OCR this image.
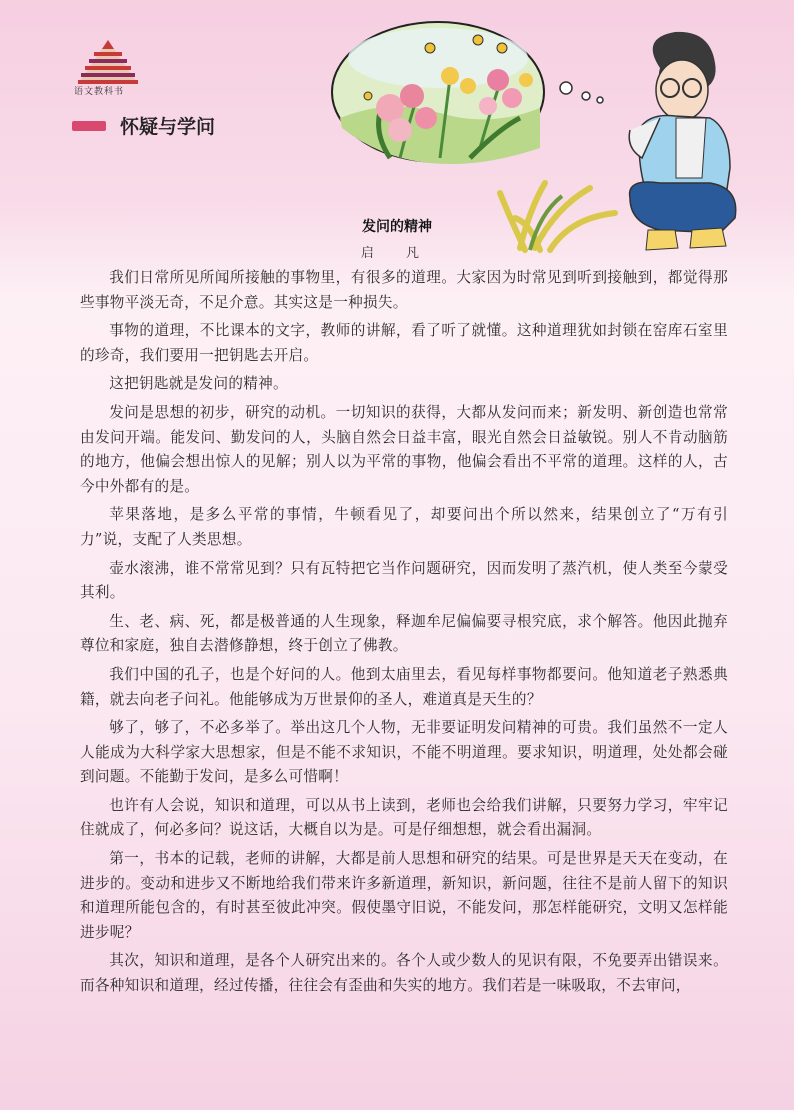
语文教科书
怀疑与学问
发问的精神
启 凡

我们日常所见所闻所接触的事物里，有很多的道理。大家因为时常见到听到接触到，都觉得那些事物平淡无奇，不足介意。其实这是一种损失。

事物的道理，不比课本的文字，教师的讲解，看了听了就懂。这种道理犹如封锁在窑库石室里的珍奇，我们要用一把钥匙去开启。

这把钥匙就是发问的精神。

发问是思想的初步，研究的动机。一切知识的获得，大都从发问而来；新发明、新创造也常常由发问开端。能发问、勤发问的人，头脑自然会日益丰富，眼光自然会日益敏锐。别人不肯动脑筋的地方，他偏会想出惊人的见解；别人以为平常的事物，他偏会看出不平常的道理。这样的人，古今中外都有的是。

苹果落地，是多么平常的事情，牛顿看见了，却要问出个所以然来，结果创立了“万有引力”说，支配了人类思想。

壶水滚沸，谁不常常见到？只有瓦特把它当作问题研究，因而发明了蒸汽机，使人类至今蒙受其利。

生、老、病、死，都是极普通的人生现象，释迦牟尼偏偏要寻根究底，求个解答。他因此抛弃尊位和家庭，独自去潜修静想，终于创立了佛教。

我们中国的孔子，也是个好问的人。他到太庙里去，看见每样事物都要问。他知道老子熟悉典籍，就去向老子问礼。他能够成为万世景仰的圣人，难道真是天生的？

够了，够了，不必多举了。举出这几个人物，无非要证明发问精神的可贵。我们虽然不一定人人能成为大科学家大思想家，但是不能不求知识，不能不明道理。要求知识，明道理，处处都会碰到问题。不能勤于发问，是多么可惜啊！

也许有人会说，知识和道理，可以从书上读到，老师也会给我们讲解，只要努力学习，牢牢记住就成了，何必多问？说这话，大概自以为是。可是仔细想想，就会看出漏洞。

第一，书本的记载，老师的讲解，大都是前人思想和研究的结果。可是世界是天天在变动，在进步的。变动和进步又不断地给我们带来许多新道理，新知识，新问题，往往不是前人留下的知识和道理所能包含的，有时甚至彼此冲突。假使墨守旧说，不能发问，那怎样能研究，文明又怎样能进步呢？

其次，知识和道理，是各个人研究出来的。各个人或少数人的见识有限，不免要弄出错误来。而各种知识和道理，经过传播，往往会有歪曲和失实的地方。我们若是一味吸取，不去审问，
